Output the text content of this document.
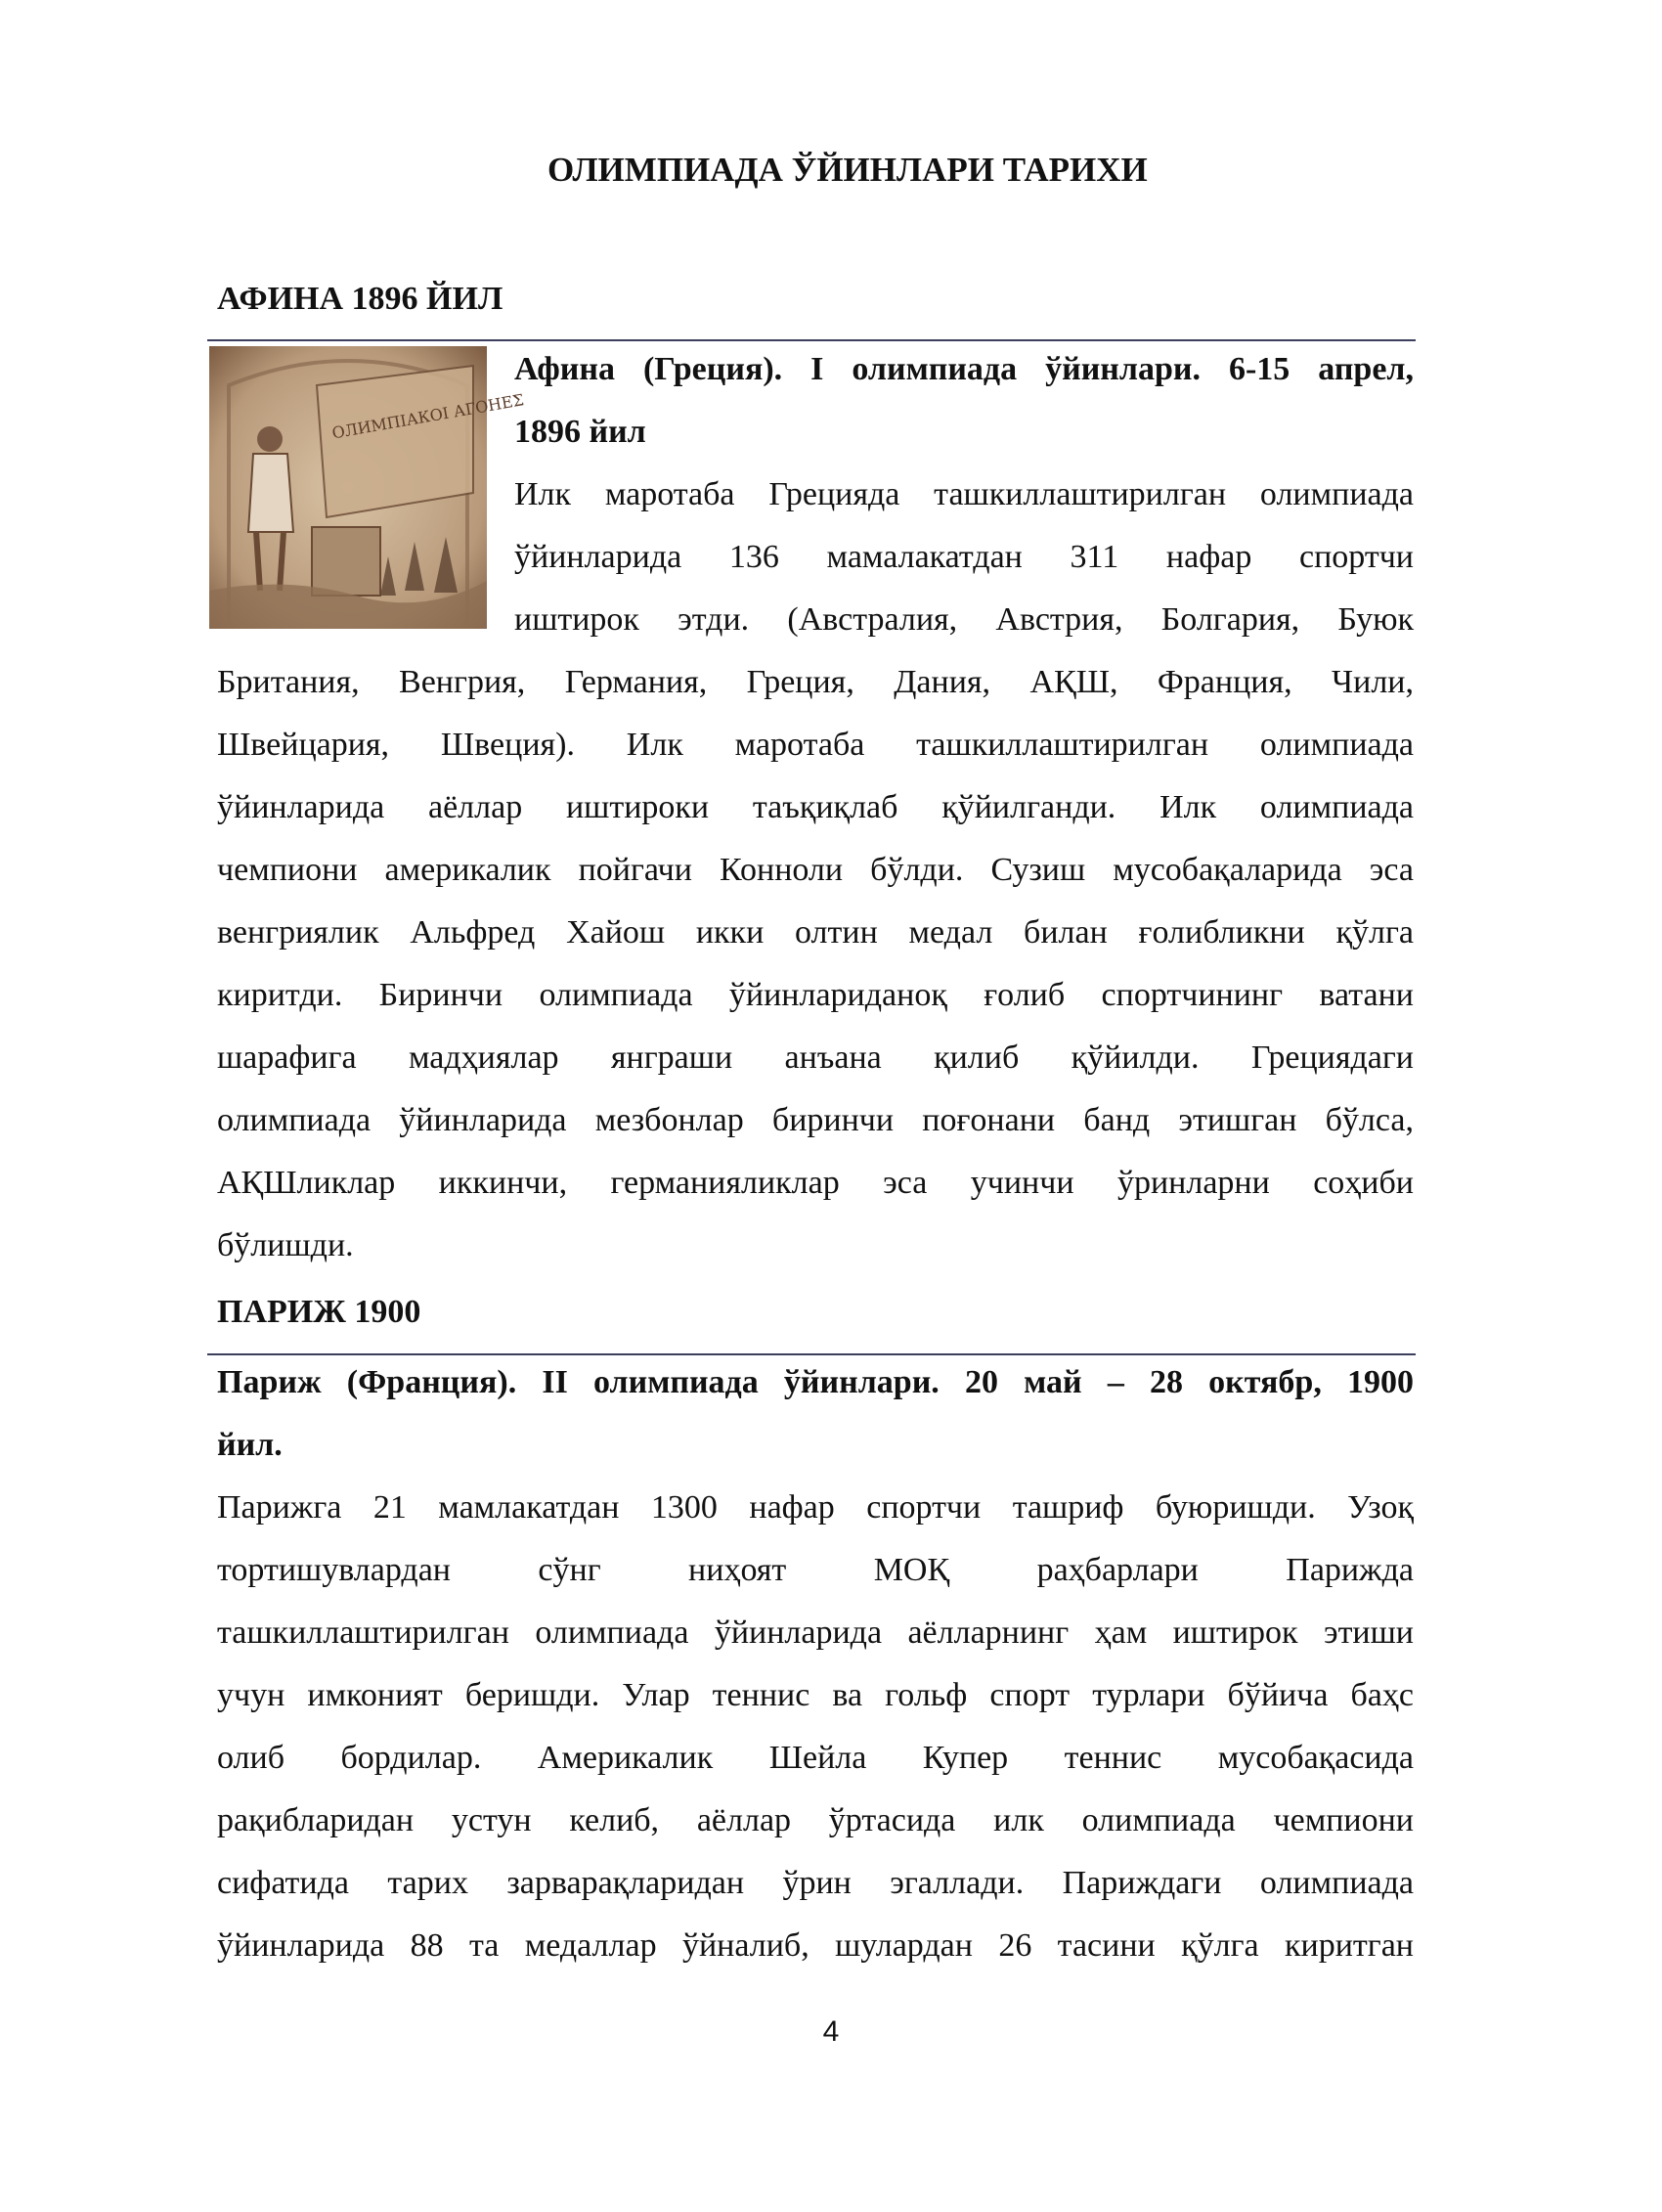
ОЛИМПИАДА ЎЙИНЛАРИ ТАРИХИ
АФИНА 1896 ЙИЛ
ОЛИМПІАКОІ АГОНЕΣ
Афина (Греция). I олимпиада ўйинлари. 6-15 апрел,
1896 йил
Илк маротаба Грецияда ташкиллаштирилган олимпиада
ўйинларида 136 мамалакатдан 311 нафар спортчи
иштирок этди. (Австралия, Австрия, Болгария, Буюк
Британия, Венгрия, Германия, Греция, Дания, АҚШ, Франция, Чили,
Швейцария, Швеция). Илк маротаба ташкиллаштирилган олимпиада
ўйинларида аёллар иштироки таъқиқлаб қўйилганди. Илк олимпиада
чемпиони америкалик пойгачи Конноли бўлди. Сузиш мусобақаларида эса
венгриялик Альфред Хайош икки олтин медал билан ғолибликни қўлга
киритди. Биринчи олимпиада ўйинлариданоқ ғолиб спортчининг ватани
шарафига мадҳиялар янграши анъана қилиб қўйилди. Грециядаги
олимпиада ўйинларида мезбонлар биринчи поғонани банд этишган бўлса,
АҚШликлар иккинчи, германияликлар эса учинчи ўринларни соҳиби
бўлишди.
ПАРИЖ 1900
Париж (Франция). II олимпиада ўйинлари. 20 май – 28 октябр, 1900
йил.
Парижга 21 мамлакатдан 1300 нафар спортчи ташриф буюришди. Узоқ
тортишувлардан сўнг ниҳоят МОҚ раҳбарлари Парижда
ташкиллаштирилган олимпиада ўйинларида аёлларнинг ҳам иштирок этиши
учун имконият беришди. Улар теннис ва гольф спорт турлари бўйича баҳс
олиб бордилар. Америкалик Шейла Купер теннис мусобақасида
рақибларидан устун келиб, аёллар ўртасида илк олимпиада чемпиони
сифатида тарих зарварақларидан ўрин эгаллади. Париждаги олимпиада
ўйинларида 88 та медаллар ўйналиб, шулардан 26 тасини қўлга киритган
4
